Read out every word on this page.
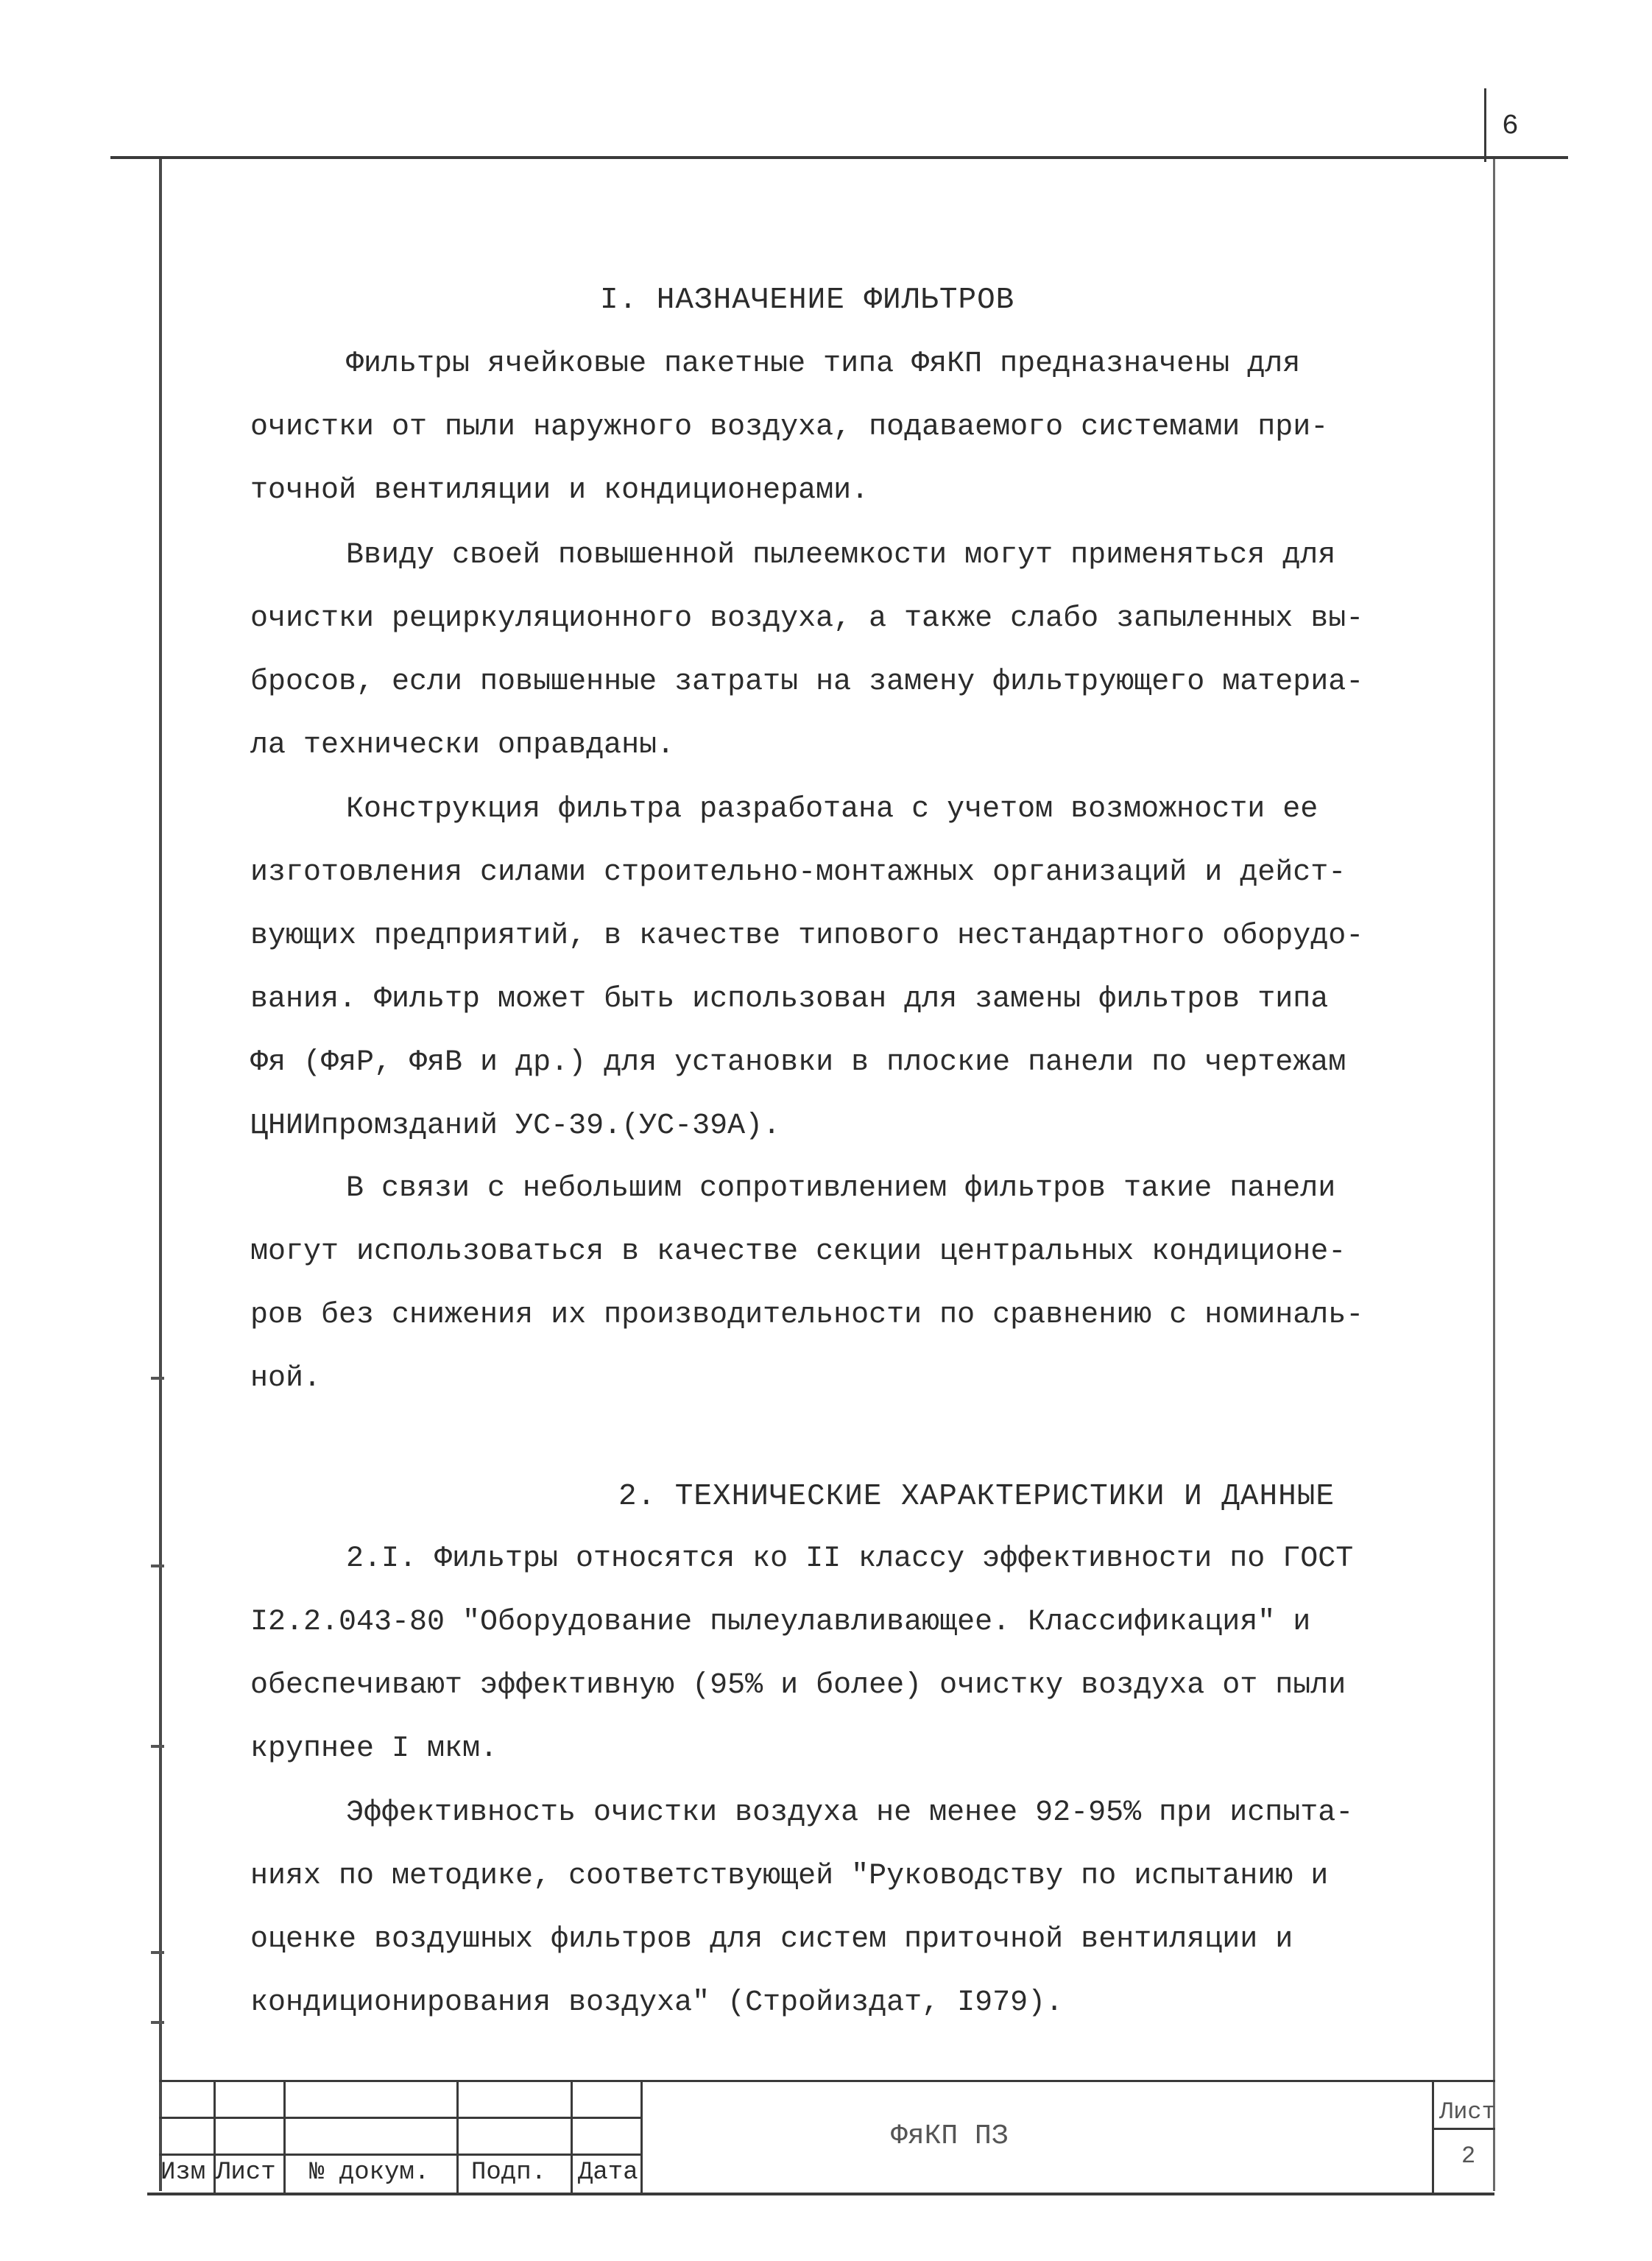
6
I. НАЗНАЧЕНИЕ ФИЛЬТРОВ
Фильтры ячейковые пакетные типа ФяКП предназначены для
очистки от пыли наружного воздуха, подаваемого системами при-
точной вентиляции и кондиционерами.
Ввиду своей повышенной пылеемкости могут применяться для
очистки рециркуляционного воздуха, а также слабо запыленных вы-
бросов, если повышенные затраты на замену фильтрующего материа-
ла технически оправданы.
Конструкция фильтра разработана с учетом возможности ее
изготовления силами строительно-монтажных организаций и дейст-
вующих предприятий, в качестве типового нестандартного оборудо-
вания. Фильтр может быть использован для замены фильтров типа
Фя (ФяР, ФяВ и др.) для установки в плоские панели по чертежам
ЦНИИпромзданий УС-39.(УС-39А).
В связи с небольшим сопротивлением фильтров такие панели
могут использоваться в качестве секции центральных кондиционе-
ров без снижения их производительности по сравнению с номиналь-
ной.
2. ТЕХНИЧЕСКИЕ ХАРАКТЕРИСТИКИ И ДАННЫЕ
2.I. Фильтры относятся ко II классу эффективности по ГОСТ
I2.2.043-80 "Оборудование пылеулавливающее. Классификация" и
обеспечивают эффективную (95% и более) очистку воздуха от пыли
крупнее I мкм.
Эффективность очистки воздуха не менее 92-95% при испыта-
ниях по методике, соответствующей "Руководству по испытанию и
оценке воздушных фильтров для систем приточной вентиляции и
кондиционирования воздуха" (Стройиздат, I979).
Изм Лист № докум. Подп. Дата
ФяКП ПЗ
Лист
2
